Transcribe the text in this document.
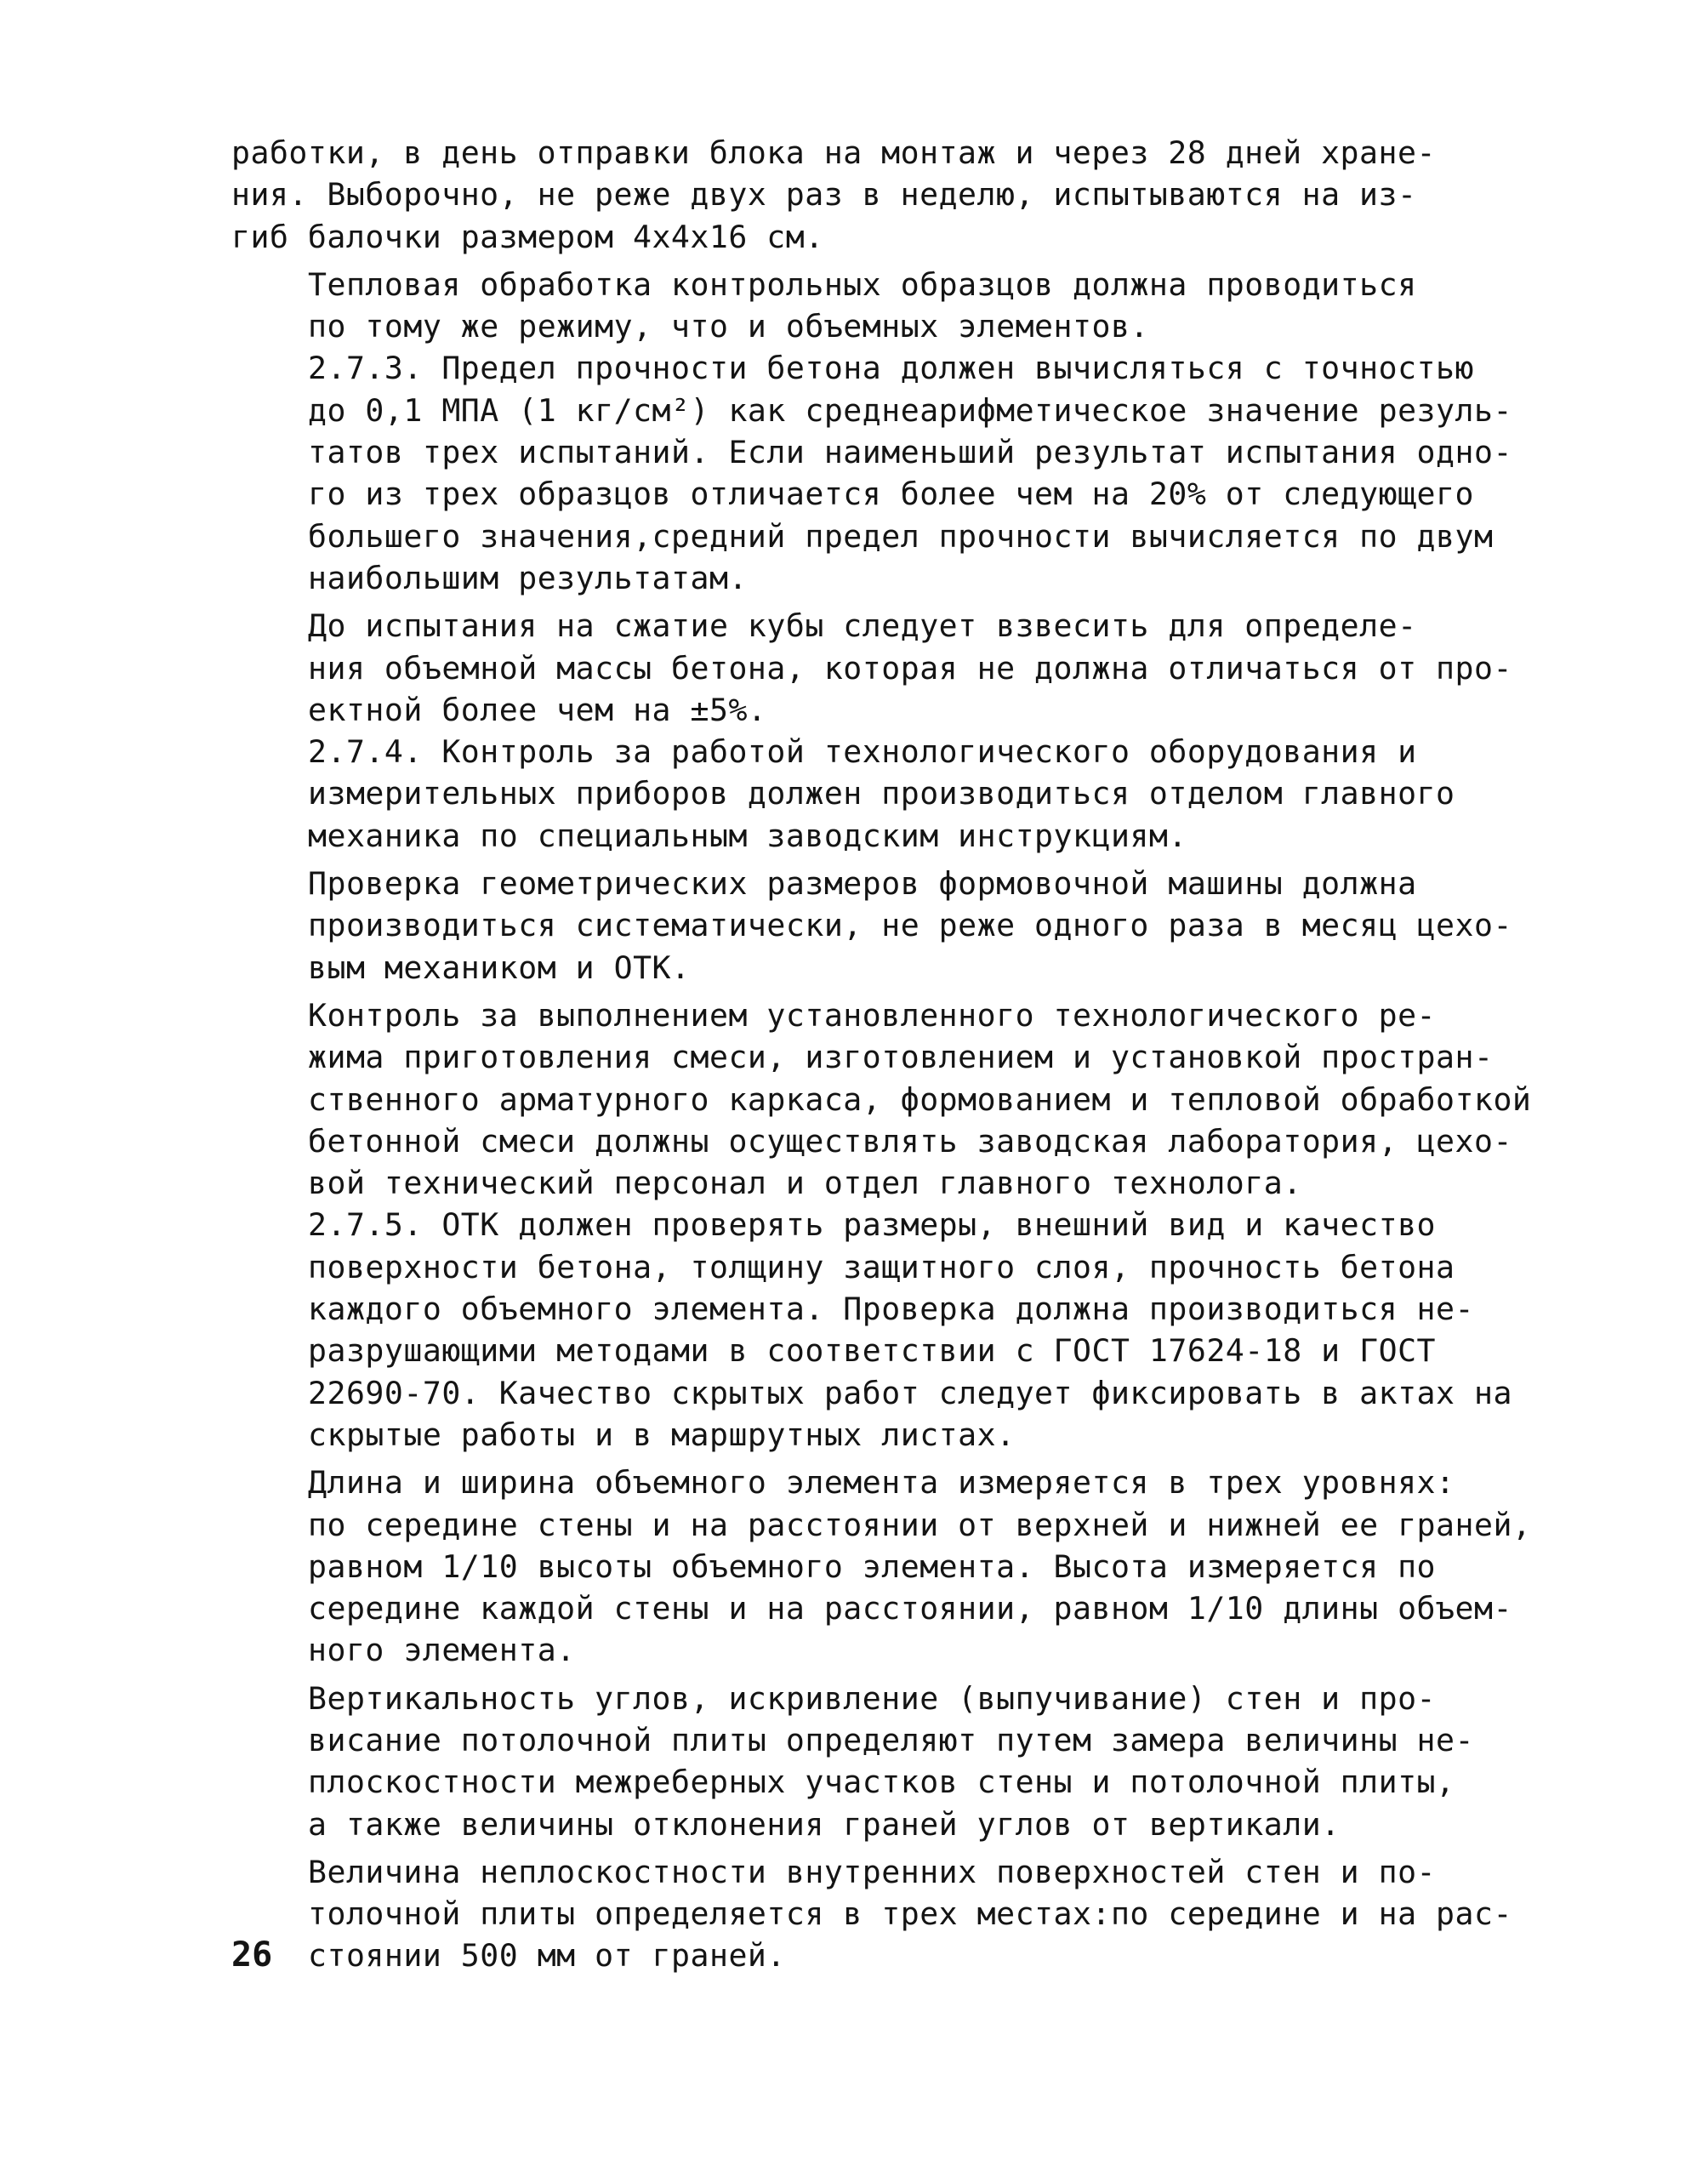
работки, в день отправки блока на монтаж и через 28 дней хране-
ния. Выборочно, не реже двух раз в неделю, испытываются на из-
гиб балочки размером 4х4х16 см.

Тепловая обработка контрольных образцов должна проводиться
по тому же режиму, что и объемных элементов.

2.7.3. Предел прочности бетона должен вычисляться с точностью
до 0,1 МПА (1 кг/см²) как среднеарифметическое значение резуль-
татов трех испытаний. Если наименьший результат испытания одно-
го из трех образцов отличается более чем на 20% от следующего
большего значения,средний предел прочности вычисляется по двум
наибольшим результатам.

До испытания на сжатие кубы следует взвесить для определе-
ния объемной массы бетона, которая не должна отличаться от про-
ектной более чем на ±5%.

2.7.4. Контроль за работой технологического оборудования и
измерительных приборов должен производиться отделом главного
механика по специальным заводским инструкциям.

Проверка геометрических размеров формовочной машины должна
производиться систематически, не реже одного раза в месяц цехо-
вым механиком и ОТК.

Контроль за выполнением установленного технологического ре-
жима приготовления смеси, изготовлением и установкой простран-
ственного арматурного каркаса, формованием и тепловой обработкой
бетонной смеси должны осуществлять заводская лаборатория, цехо-
вой технический персонал и отдел главного технолога.

2.7.5. ОТК должен проверять размеры, внешний вид и качество
поверхности бетона, толщину защитного слоя, прочность бетона
каждого объемного элемента. Проверка должна производиться не-
разрушающими методами в соответствии с ГОСТ 17624-18 и ГОСТ
22690-70. Качество скрытых работ следует фиксировать в актах на
скрытые работы и в маршрутных листах.

Длина и ширина объемного элемента измеряется в трех уровнях:
по середине стены и на расстоянии от верхней и нижней ее граней,
равном 1/10 высоты объемного элемента. Высота измеряется по
середине каждой стены и на расстоянии, равном 1/10 длины объем-
ного элемента.

Вертикальность углов, искривление (выпучивание) стен и про-
висание потолочной плиты определяют путем замера величины не-
плоскостности межреберных участков стены и потолочной плиты,
а также величины отклонения граней углов от вертикали.

Величина неплоскостности внутренних поверхностей стен и по-
толочной плиты определяется в трех местах:по середине и на рас-
стоянии 500 мм от граней.

26
